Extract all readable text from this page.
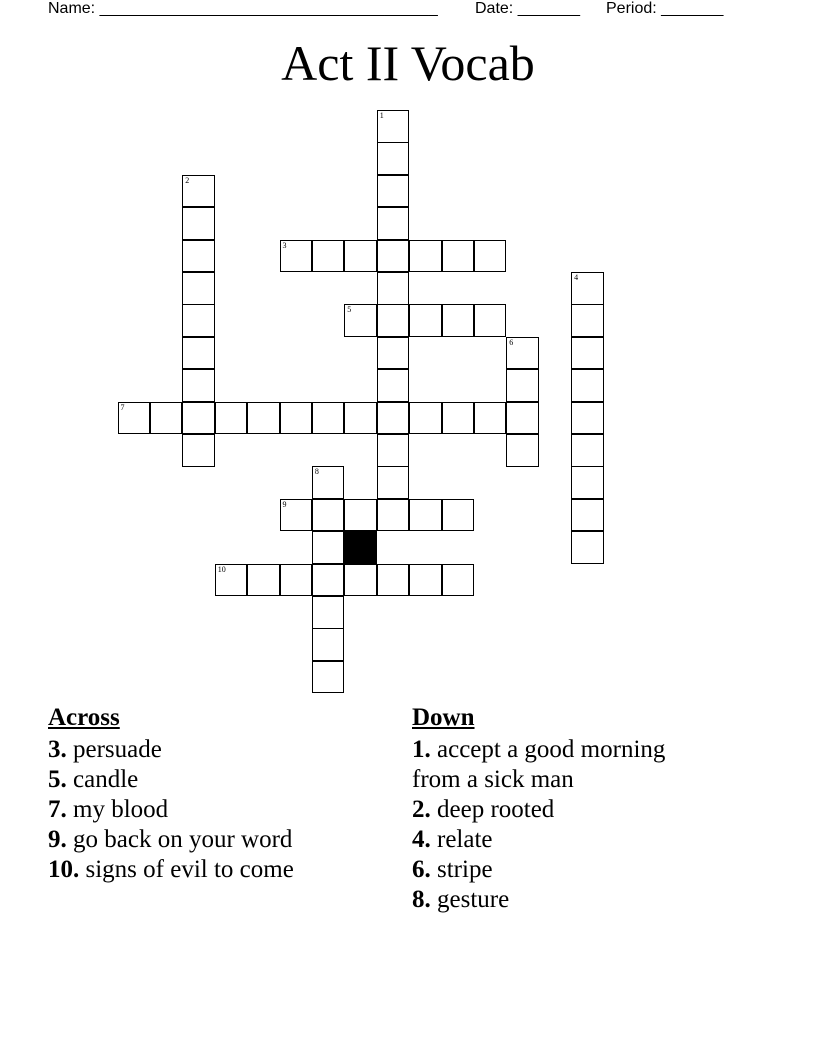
Name: ______________________________________ Date: _______ Period: _______
Act II Vocab
1
2
3
4
5
6
7
8
9
10
Across
3. persuade
5. candle
7. my blood
9. go back on your word
10. signs of evil to come
Down
1. accept a good morning from a sick man
2. deep rooted
4. relate
6. stripe
8. gesture
